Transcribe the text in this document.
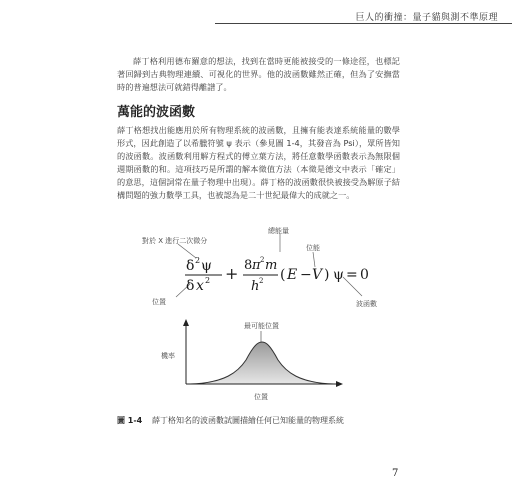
巨人的衝撞：量子貓與測不準原理

薛丁格利用德布羅意的想法，找到在當時更能被接受的一條途徑，也標記著回歸到古典物理連續、可視化的世界。他的波函數雖然正確，但為了安撫當時的普遍想法可就錯得離譜了。

萬能的波函數

薛丁格想找出能應用於所有物理系統的波函數，且擁有能表達系統能量的數學形式，因此創造了以希臘符號 ψ 表示（參見圖 1-4，其發音為 Psi），眾所皆知的波函數。波函數利用解方程式的傅立葉方法，將任意數學函數表示為無限個週期函數的和。這項技巧是所謂的解本徵值方法（本徵是德文中表示「確定」的意思，這個詞常在量子物理中出現）。薛丁格的波函數很快被接受為解原子結構問題的強力數學工具，也被認為是二十世紀最偉大的成就之一。

對於 X 進行二次微分
總能量
位能
位置	波函數
δ 2 ψ
δ x 2 + 8 π 2 m
h 2 ( E − V ) ψ = 0
最可能位置
機率
位置
圖 1-4 薛丁格知名的波函數試圖描繪任何已知能量的物理系統
7
